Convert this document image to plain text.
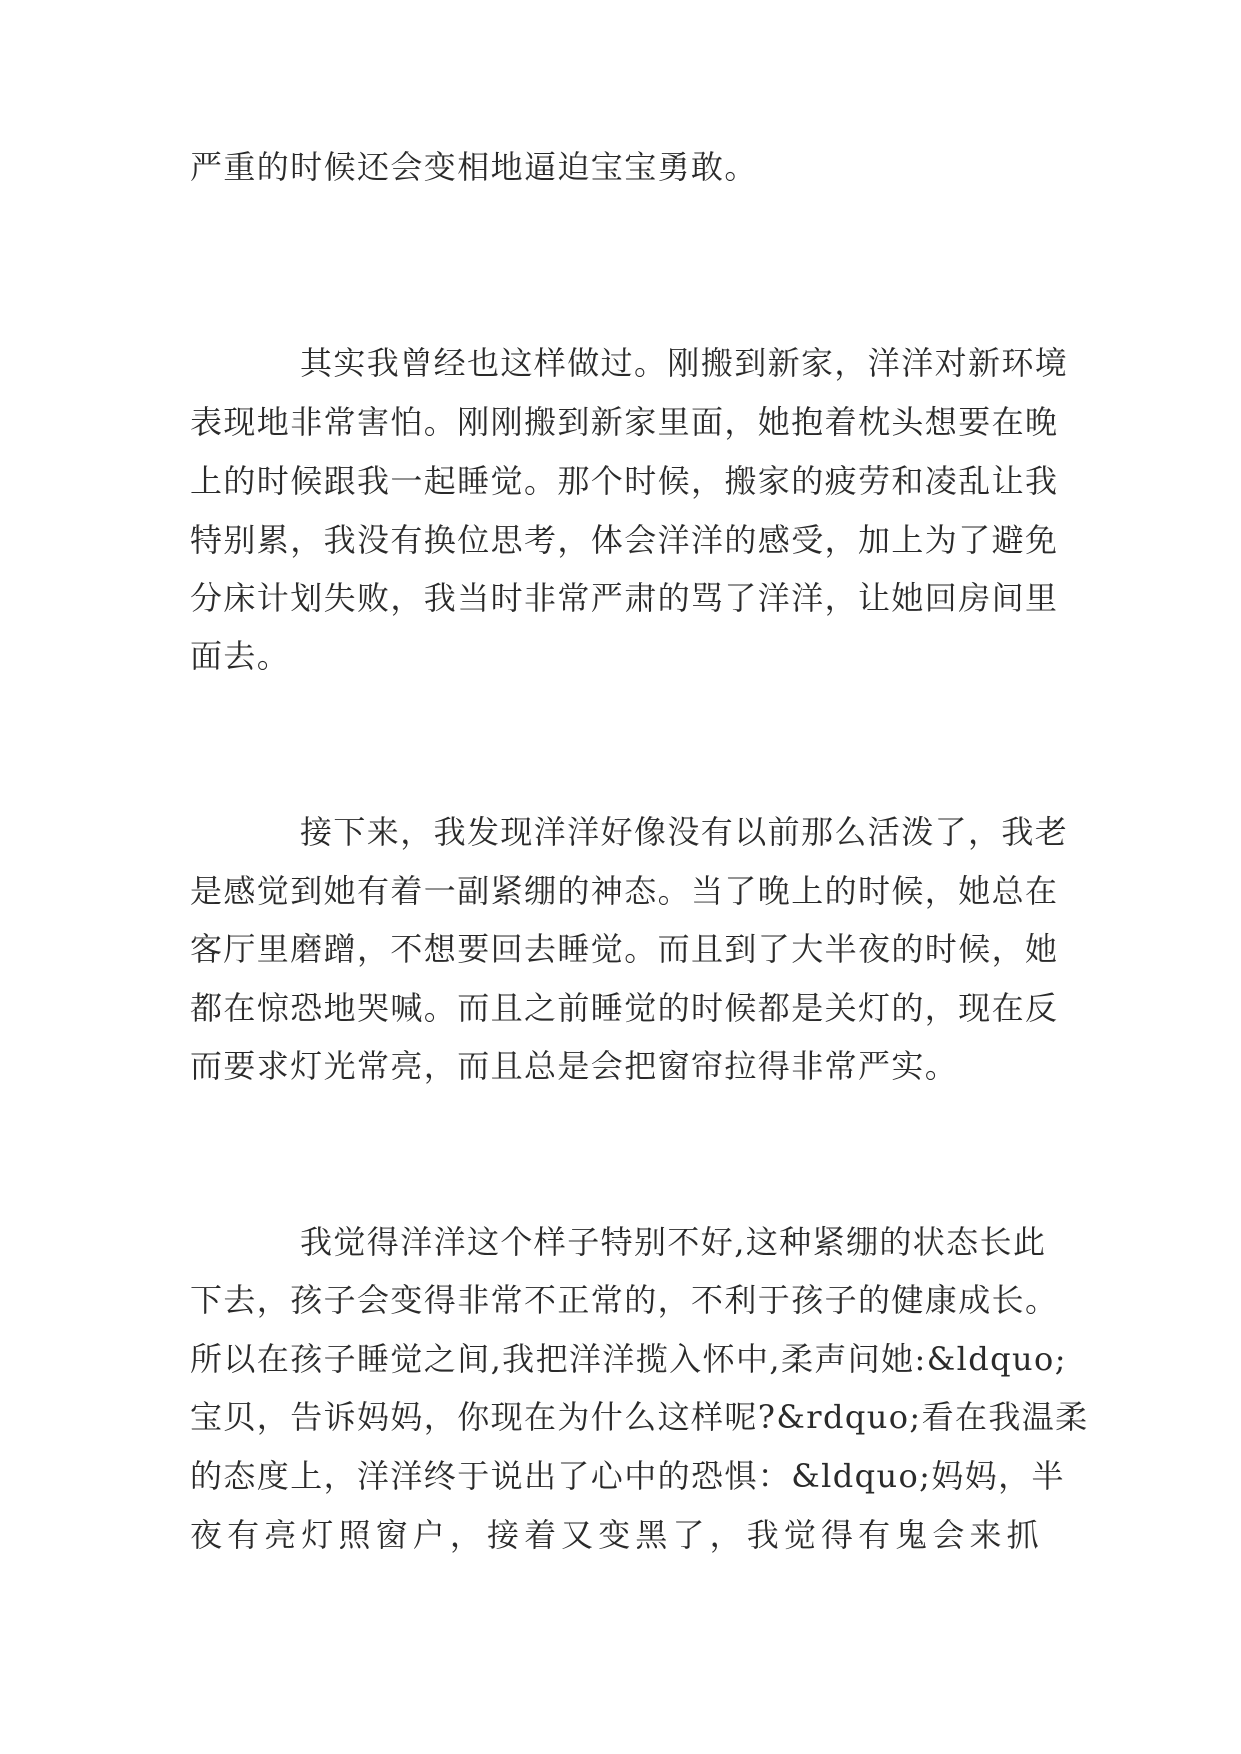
严重的时候还会变相地逼迫宝宝勇敢。
其实我曾经也这样做过。刚搬到新家，洋洋对新环境
表现地非常害怕。刚刚搬到新家里面，她抱着枕头想要在晚
上的时候跟我一起睡觉。那个时候，搬家的疲劳和凌乱让我
特别累，我没有换位思考，体会洋洋的感受，加上为了避免
分床计划失败，我当时非常严肃的骂了洋洋，让她回房间里
面去。
接下来，我发现洋洋好像没有以前那么活泼了，我老
是感觉到她有着一副紧绷的神态。当了晚上的时候，她总在
客厅里磨蹭，不想要回去睡觉。而且到了大半夜的时候，她
都在惊恐地哭喊。而且之前睡觉的时候都是关灯的，现在反
而要求灯光常亮，而且总是会把窗帘拉得非常严实。
我觉得洋洋这个样子特别不好,这种紧绷的状态长此
下去，孩子会变得非常不正常的，不利于孩子的健康成长。
所以在孩子睡觉之间,我把洋洋揽入怀中,柔声问她:&ldquo;
宝贝，告诉妈妈，你现在为什么这样呢?&rdquo;看在我温柔
的态度上，洋洋终于说出了心中的恐惧：&ldquo;妈妈，半
夜有亮灯照窗户，接着又变黑了，我觉得有鬼会来抓
